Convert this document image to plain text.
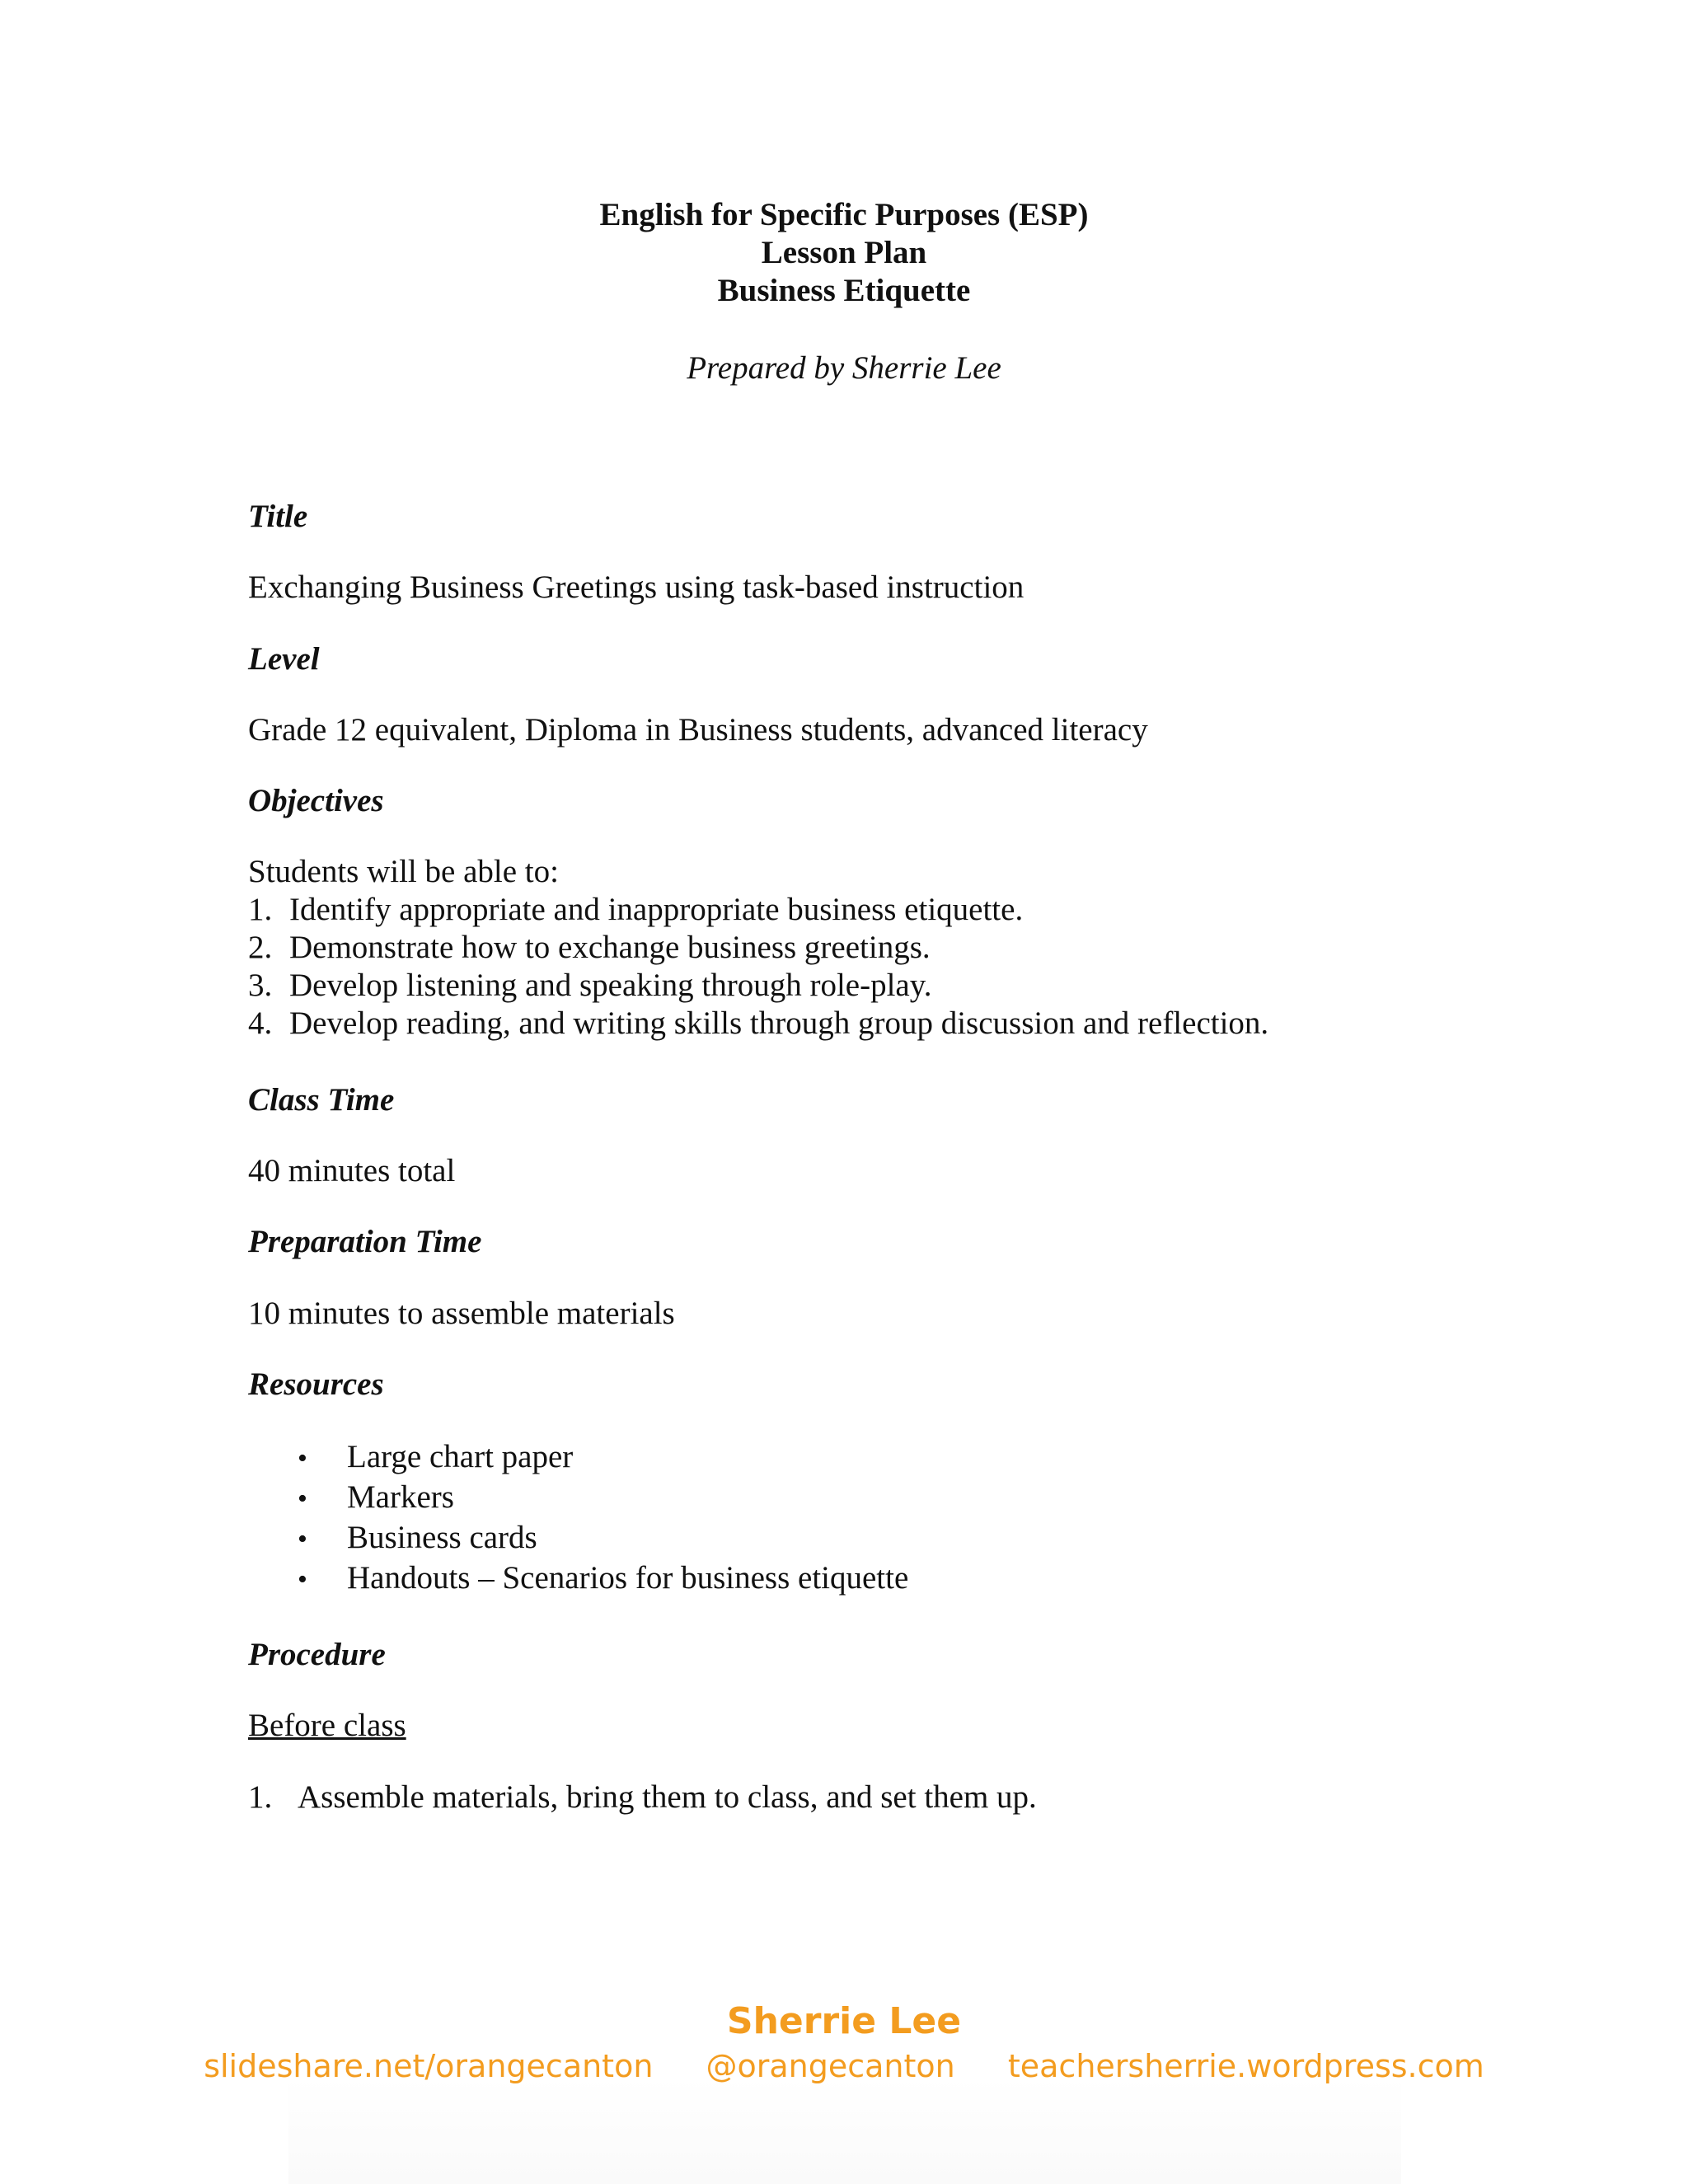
English for Specific Purposes (ESP)
Lesson Plan
Business Etiquette
Prepared by Sherrie Lee
Title
Exchanging Business Greetings using task-based instruction
Level
Grade 12 equivalent, Diploma in Business students, advanced literacy
Objectives
Students will be able to:
1. Identify appropriate and inappropriate business etiquette.
2. Demonstrate how to exchange business greetings.
3. Develop listening and speaking through role-play.
4. Develop reading, and writing skills through group discussion and reflection.
Class Time
40 minutes total
Preparation Time
10 minutes to assemble materials
Resources
• Large chart paper
• Markers
• Business cards
• Handouts – Scenarios for business etiquette
Procedure
Before class
1. Assemble materials, bring them to class, and set them up.
Sherrie Lee
slideshare.net/orangecanton @orangecanton teachersherrie.wordpress.com
